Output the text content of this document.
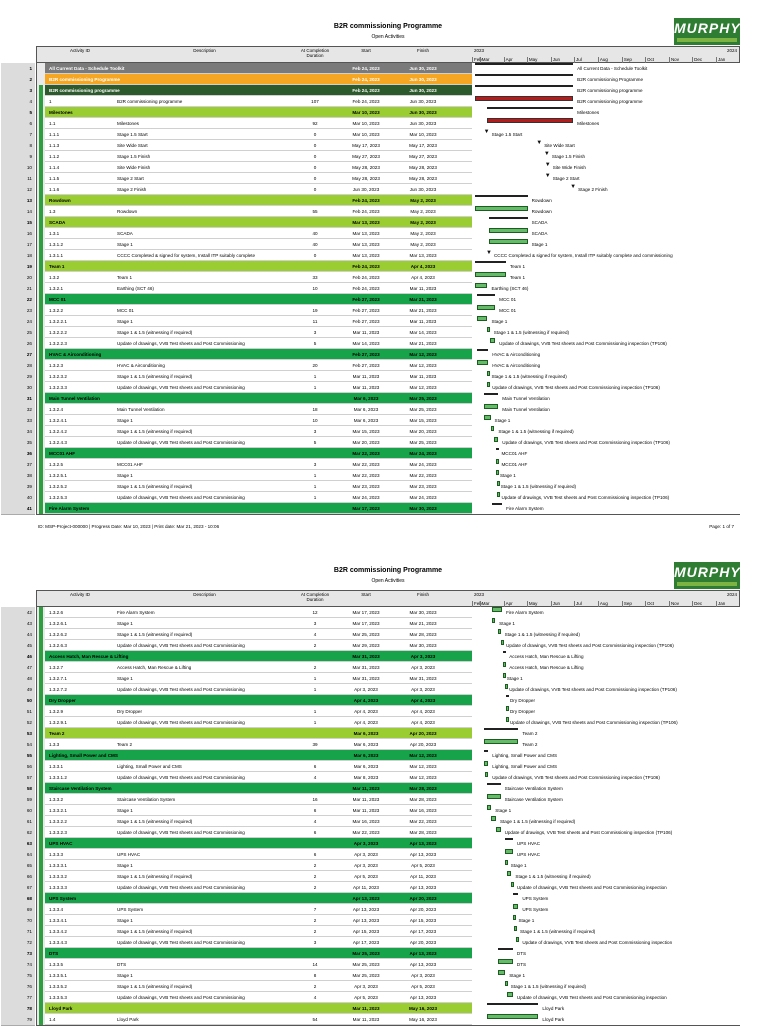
B2R commissioning Programme
Open Activities
MURPHY
Activity ID	Description	At Completion Duration
Start	Finish	2023	2024
Feb Mar	Apr	May	Jun	Jul	Aug	Sep	Oct	Nov	Dec	Jan
1	All Current Data - Schedule Toolkit	Feb 24, 2023	Jun 30, 2023	All Current Data - Schedule Toolkit
2	B2R commissioning Programme	Feb 24, 2023	Jun 30, 2023	B2R commissioning Programme
3	B2R commissioning programme	Feb 24, 2023	Jun 30, 2023	B2R commissioning programme
4	1	B2R commissioning programme	107	Feb 24, 2023	Jun 30, 2023	B2R commissioning programme
5	Milestones	Mar 10, 2023	Jun 30, 2023	Milestones
6	1.1	Milestones	92	Mar 10, 2023	Jun 30, 2023	Milestones
7	1.1.1	Stage 1.5 Start	0	Mar 10, 2023	Mar 10, 2023	▼ Stage 1.5 Start
8	1.1.3	Site Wide Start	0	May 17, 2023	May 17, 2023	▼ Site Wide Start
9	1.1.2	Stage 1.5 Finish	0	May 27, 2023	May 27, 2023	▼ Stage 1.5 Finish
10	1.1.4	Site Wide Finish	0	May 28, 2023	May 28, 2023	▼ Site Wide Finish
11	1.1.5	Stage 2 Start	0	May 28, 2023	May 28, 2023	▼ Stage 2 Start
12	1.1.6	Stage 2 Finish	0	Jun 30, 2023	Jun 30, 2023	▼ Stage 2 Finish
13	Rowdown	Feb 24, 2023	May 2, 2023	Rowdown
14	1.3	Rowdown	55	Feb 24, 2023	May 2, 2023	Rowdown
15	SCADA	Mar 13, 2023	May 2, 2023	SCADA
16	1.3.1	SCADA	40	Mar 13, 2023	May 2, 2023	SCADA
17	1.3.1.2	Stage 1	40	Mar 13, 2023	May 2, 2023	Stage 1
18	1.3.1.1	CCCC Completed & signed for system, Install ITP suitably complete	0	Mar 13, 2023	Mar 13, 2023	▼ CCCC Completed & signed for system, Install ITP suitably complete and commissioning
19	Team 1	Feb 24, 2023	Apr 4, 2023	Team 1
20	1.3.2	Team 1	33	Feb 24, 2023	Apr 4, 2023	Team 1
21	1.3.2.1	Earthing (SCT 46)	10	Feb 24, 2023	Mar 11, 2023	Earthing (SCT 46)
22	MCC 01	Feb 27, 2023	Mar 21, 2023	MCC 01
23	1.3.2.2	MCC 01	19	Feb 27, 2023	Mar 21, 2023	MCC 01
24	1.3.2.2.1	Stage 1	11	Feb 27, 2023	Mar 11, 2023	Stage 1
25	1.3.2.2.2	Stage 1 & 1.5 (witnessing if required)	3	Mar 11, 2023	Mar 14, 2023	Stage 1 & 1.5 (witnessing if required)
26	1.3.2.2.3	Update of drawings, VVB Test sheets and Post Commissioning	5	Mar 14, 2023	Mar 21, 2023	Update of drawings, VVB Test sheets and Post Commissioning inspection (TP106)
27	HVAC & Airconditioning	Feb 27, 2023	Mar 12, 2023	HVAC & Airconditioning
28	1.3.2.3	HVAC & Airconditioning	20	Feb 27, 2023	Mar 12, 2023	HVAC & Airconditioning
29	1.3.2.3.2	Stage 1 & 1.5 (witnessing if required)	1	Mar 11, 2023	Mar 11, 2023	Stage 1 & 1.5 (witnessing if required)
30	1.3.2.3.3	Update of drawings, VVB Test sheets and Post Commissioning	1	Mar 11, 2023	Mar 12, 2023	Update of drawings, VVB Test sheets and Post Commissioning inspection (TP106)
31	Main Tunnel Ventilation	Mar 6, 2023	Mar 25, 2023	Main Tunnel Ventilation
32	1.3.2.4	Main Tunnel Ventilation	18	Mar 6, 2023	Mar 25, 2023	Main Tunnel Ventilation
33	1.3.2.4.1	Stage 1	10	Mar 6, 2023	Mar 15, 2023	Stage 1
34	1.3.2.4.2	Stage 1 & 1.5 (witnessing if required)	3	Mar 15, 2023	Mar 20, 2023	Stage 1 & 1.5 (witnessing if required)
35	1.3.2.4.3	Update of drawings, VVB Test sheets and Post Commissioning	5	Mar 20, 2023	Mar 25, 2023	Update of drawings, VVB Test sheets and Post Commissioning inspection (TP106)
36	MCC01 AHF	Mar 22, 2023	Mar 24, 2023	MCC01 AHF
37	1.3.2.5	MCC01 AHF	3	Mar 22, 2023	Mar 24, 2023	MCC01 AHF
38	1.3.2.5.1	Stage 1	1	Mar 22, 2023	Mar 22, 2023	Stage 1
39	1.3.2.5.2	Stage 1 & 1.5 (witnessing if required)	1	Mar 23, 2023	Mar 23, 2023	Stage 1 & 1.5 (witnessing if required)
40	1.3.2.5.3	Update of drawings, VVB Test sheets and Post Commissioning	1	Mar 24, 2023	Mar 24, 2023	Update of drawings, VVB Test sheets and Post Commissioning inspection (TP106)
41	Fire Alarm System	Mar 17, 2023	Mar 30, 2023	Fire Alarm System
ID: MSP-Project-000000 | Progress Date: Mar 10, 2023 | Print date: Mar 21, 2023 - 10:06	Page: 1 of 7
B2R commissioning Programme
Open Activities
MURPHY
Activity ID	Description	At Completion Duration
Start	Finish	2023	2024
Feb Mar	Apr	May	Jun	Jul	Aug	Sep	Oct	Nov	Dec	Jan
42	1.3.2.6	Fire Alarm System	12	Mar 17, 2023	Mar 30, 2023	Fire Alarm System
43	1.3.2.6.1	Stage 1	3	Mar 17, 2023	Mar 21, 2023	Stage 1
44	1.3.2.6.2	Stage 1 & 1.5 (witnessing if required)	4	Mar 25, 2023	Mar 28, 2023	Stage 1 & 1.5 (witnessing if required)
45	1.3.2.6.3	Update of drawings, VVB Test sheets and Post Commissioning	2	Mar 29, 2023	Mar 30, 2023	Update of drawings, VVB Test sheets and Post Commissioning inspection (TP106)
46	Access Hatch, Man Rescue & Lifting	Mar 31, 2023	Apr 3, 2023	Access Hatch, Man Rescue & Lifting
47	1.3.2.7	Access Hatch, Man Rescue & Lifting	2	Mar 31, 2023	Apr 3, 2023	Access Hatch, Man Rescue & Lifting
48	1.3.2.7.1	Stage 1	1	Mar 31, 2023	Mar 31, 2023	Stage 1
49	1.3.2.7.2	Update of drawings, VVB Test sheets and Post Commissioning	1	Apr 3, 2023	Apr 3, 2023	Update of drawings, VVB Test sheets and Post Commissioning inspection (TP106)
50	Dry Dropper	Apr 4, 2023	Apr 4, 2023	Dry Dropper
51	1.3.2.9	Dry Dropper	1	Apr 4, 2023	Apr 4, 2023	Dry Dropper
52	1.3.2.9.1	Update of drawings, VVB Test sheets and Post Commissioning	1	Apr 4, 2023	Apr 4, 2023	Update of drawings, VVB Test sheets and Post Commissioning inspection (TP106)
53	Team 2	Mar 6, 2023	Apr 20, 2023	Team 2
54	1.3.3	Team 2	39	Mar 6, 2023	Apr 20, 2023	Team 2
55	Lighting, Small Power and CMS	Mar 6, 2023	Mar 12, 2023	Lighting, Small Power and CMS
56	1.3.3.1	Lighting, Small Power and CMS	6	Mar 6, 2023	Mar 12, 2023	Lighting, Small Power and CMS
57	1.3.3.1.2	Update of drawings, VVB Test sheets and Post Commissioning	4	Mar 8, 2023	Mar 12, 2023	Update of drawings, VVB Test sheets and Post Commissioning inspection (TP106)
58	Staircase Ventilation System	Mar 11, 2023	Mar 28, 2023	Staircase Ventilation System
59	1.3.3.2	Staircase Ventilation System	16	Mar 11, 2023	Mar 28, 2023	Staircase Ventilation System
60	1.3.3.2.1	Stage 1	6	Mar 11, 2023	Mar 16, 2023	Stage 1
61	1.3.3.2.2	Stage 1 & 1.5 (witnessing if required)	4	Mar 16, 2023	Mar 22, 2023	Stage 1 & 1.5 (witnessing if required)
62	1.3.3.2.3	Update of drawings, VVB Test sheets and Post Commissioning	6	Mar 22, 2023	Mar 28, 2023	Update of drawings, VVB Test sheets and Post Commissioning inspection (TP106)
63	UPS HVAC	Apr 3, 2023	Apr 13, 2023	UPS HVAC
64	1.3.3.3	UPS HVAC	6	Apr 3, 2023	Apr 13, 2023	UPS HVAC
65	1.3.3.3.1	Stage 1	2	Apr 3, 2023	Apr 5, 2023	Stage 1
66	1.3.3.3.2	Stage 1 & 1.5 (witnessing if required)	2	Apr 5, 2023	Apr 11, 2023	Stage 1 & 1.5 (witnessing if required)
67	1.3.3.3.3	Update of drawings, VVB Test sheets and Post Commissioning	2	Apr 11, 2023	Apr 13, 2023	Update of drawings, VVB Test sheets and Post Commissioning inspection
68	UPS System	Apr 13, 2023	Apr 20, 2023	UPS System
69	1.3.3.4	UPS System	7	Apr 13, 2023	Apr 20, 2023	UPS System
70	1.3.3.4.1	Stage 1	2	Apr 13, 2023	Apr 15, 2023	Stage 1
71	1.3.3.4.2	Stage 1 & 1.5 (witnessing if required)	2	Apr 15, 2023	Apr 17, 2023	Stage 1 & 1.5 (witnessing if required)
72	1.3.3.4.3	Update of drawings, VVB Test sheets and Post Commissioning	3	Apr 17, 2023	Apr 20, 2023	Update of drawings, VVB Test sheets and Post Commissioning inspection
73	DTS	Mar 25, 2023	Apr 13, 2023	DTS
74	1.3.3.5	DTS	14	Mar 25, 2023	Apr 13, 2023	DTS
75	1.3.3.5.1	Stage 1	8	Mar 25, 2023	Apr 3, 2023	Stage 1
76	1.3.3.5.2	Stage 1 & 1.5 (witnessing if required)	2	Apr 3, 2023	Apr 5, 2023	Stage 1 & 1.5 (witnessing if required)
77	1.3.3.5.3	Update of drawings, VVB Test sheets and Post Commissioning	4	Apr 5, 2023	Apr 13, 2023	Update of drawings, VVB Test sheets and Post Commissioning inspection
78	Lloyd Park	Mar 11, 2023	May 16, 2023	Lloyd Park
79	1.4	Lloyd Park	54	Mar 11, 2023	May 16, 2023	Lloyd Park
